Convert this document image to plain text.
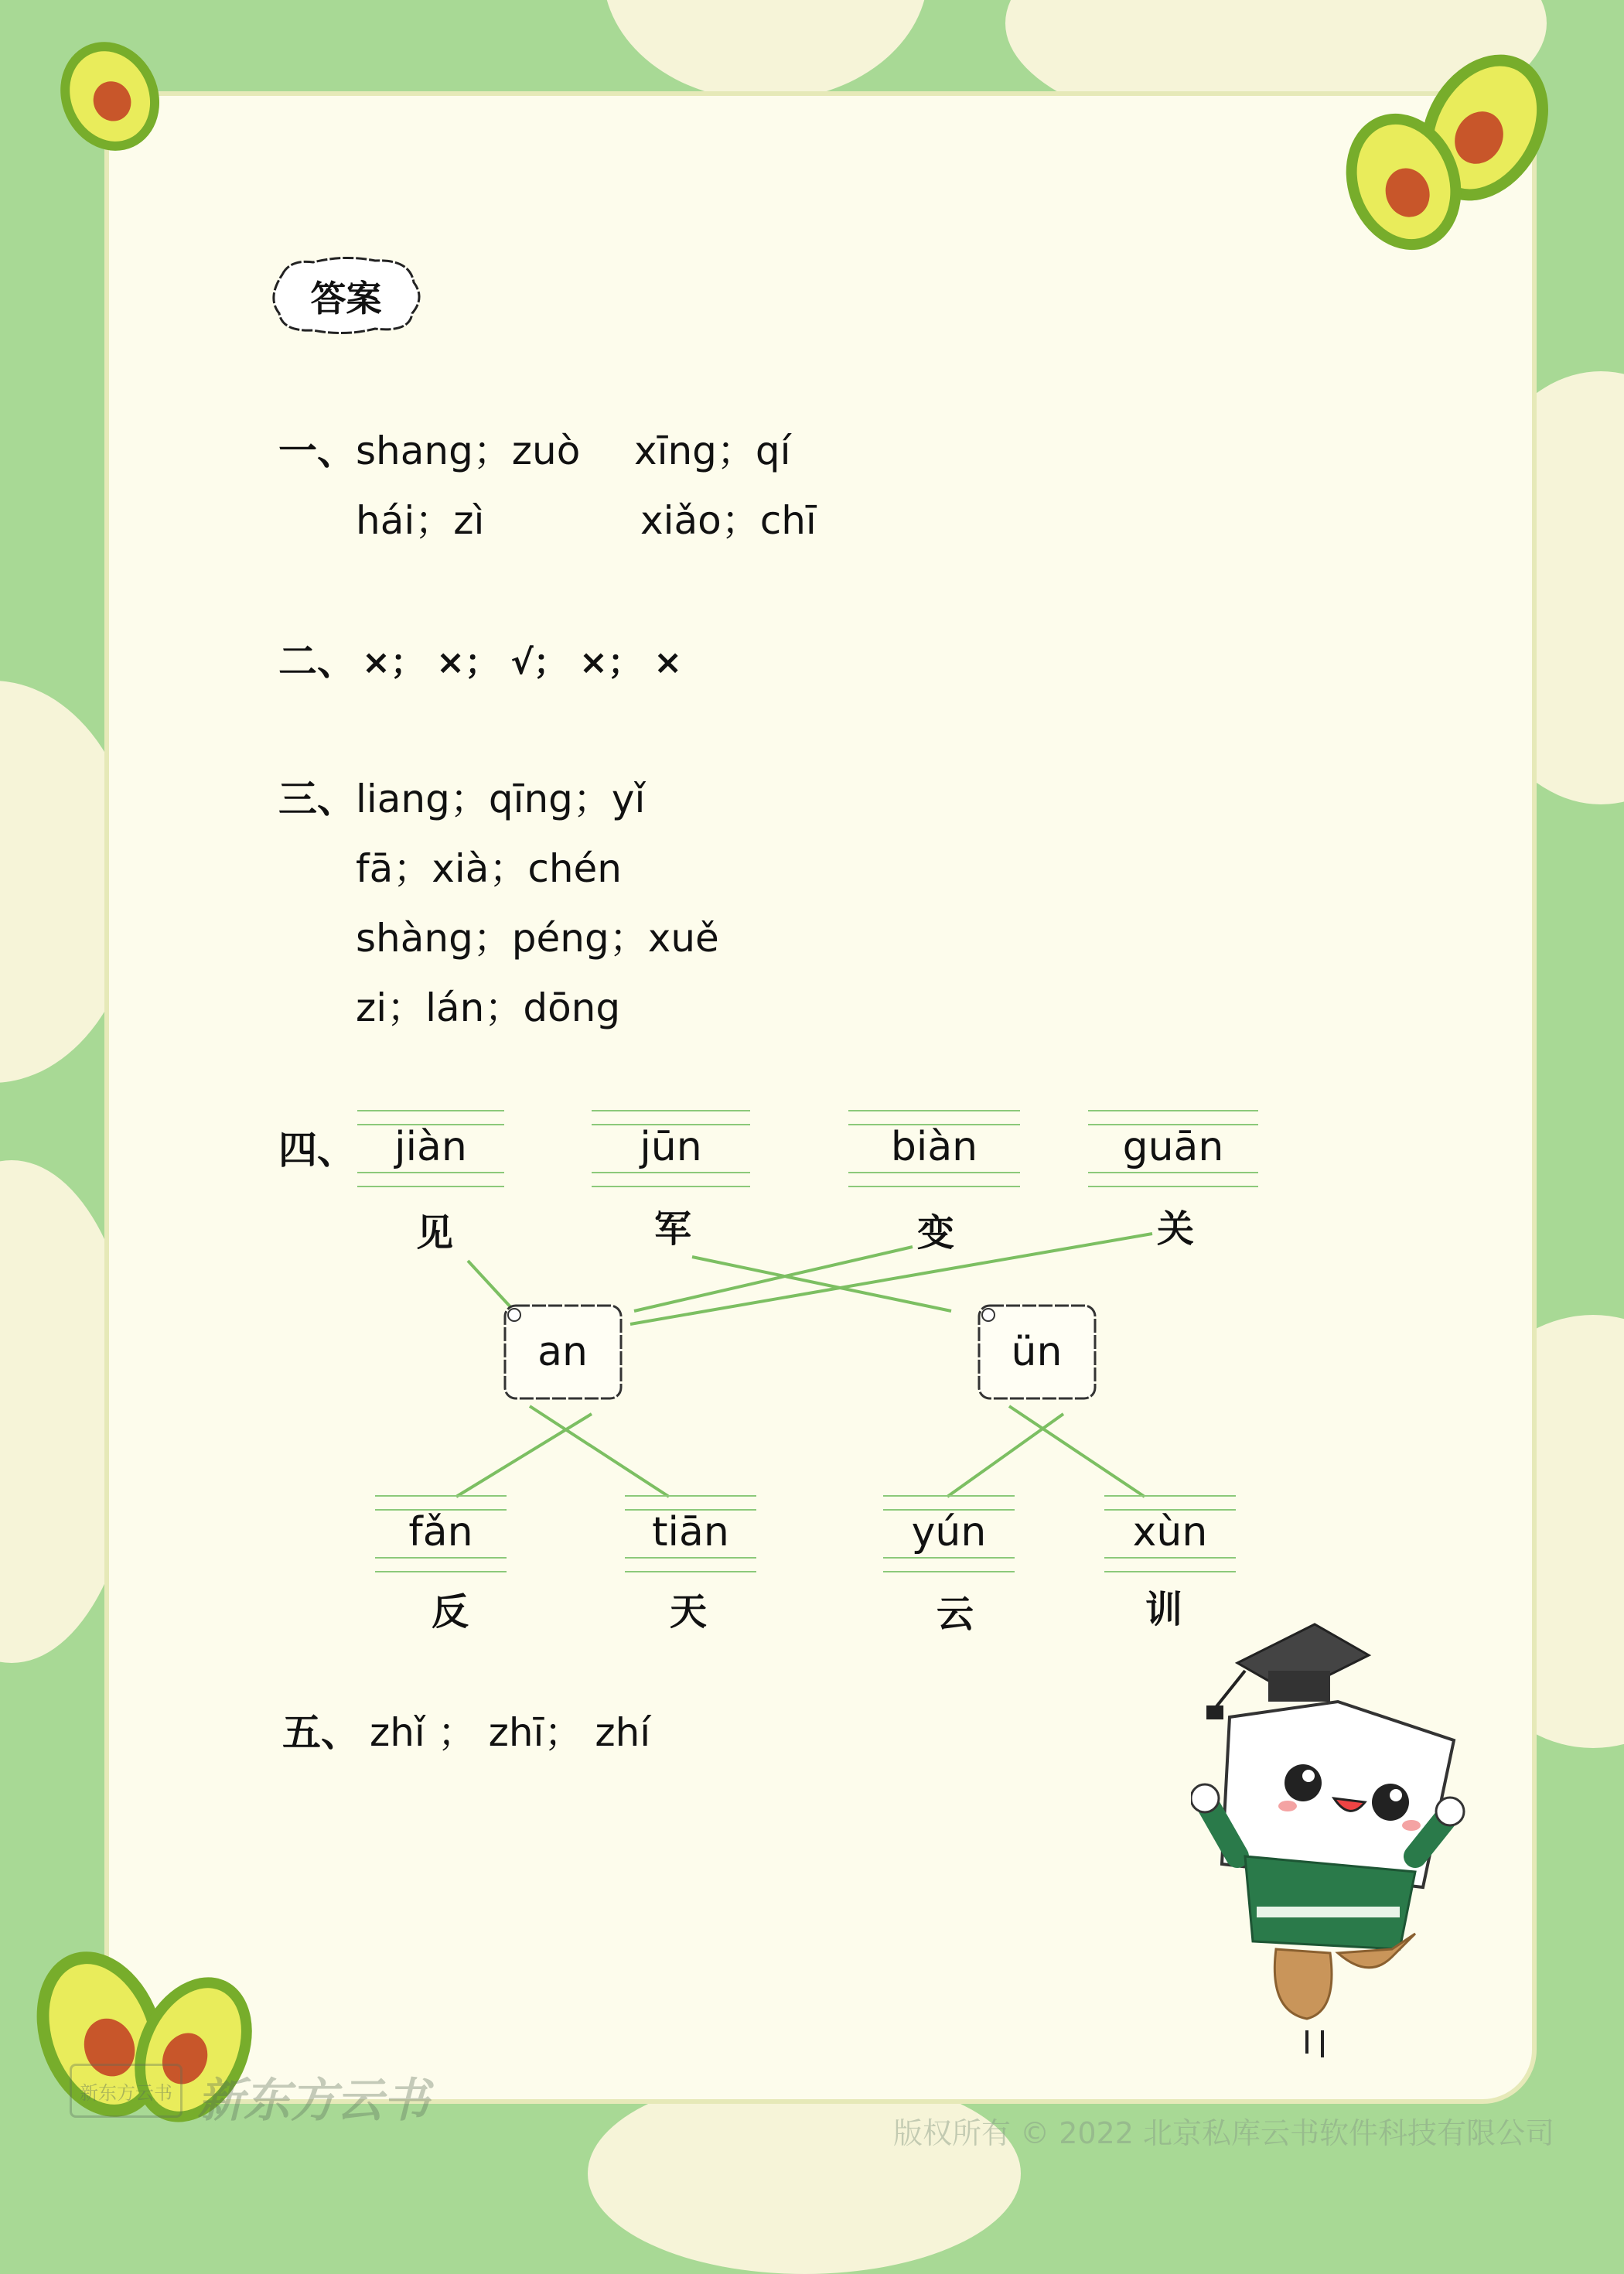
答案
一、 shang；zuò xīng；qí
hái；zì	xiǎo；chī
二、 ×； ×； √； ×； ×
三、 liang；qīng；yǐ
fā；xià；chén
shàng；péng；xuě
zi；lán；dōng
四、 jiàn	jūn	biàn	guān
见	军	变	关
an	ün
fǎn	tiān	yún	xùn
反	天	云	训
五、 zhǐ ； zhī； zhí
新东方云书 新东方云书
版权所有 © 2022 北京私库云书软件科技有限公司
